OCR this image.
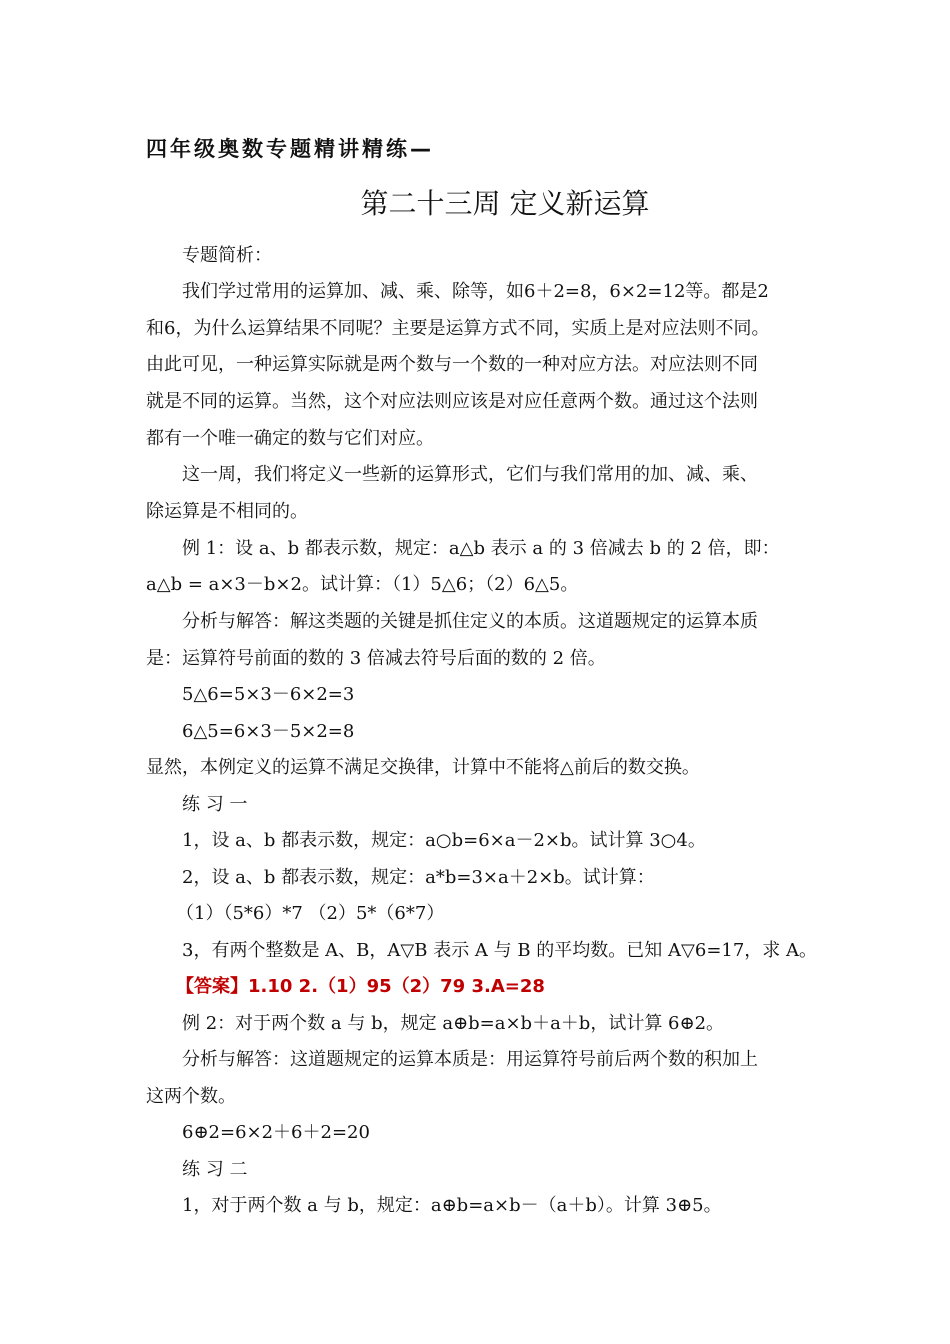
四年级奥数专题精讲精练—
第二十三周 定义新运算
专题简析：
我们学过常用的运算加、减、乘、除等，如6＋2=8，6×2=12等。都是2
和6，为什么运算结果不同呢？主要是运算方式不同，实质上是对应法则不同。
由此可见，一种运算实际就是两个数与一个数的一种对应方法。对应法则不同
就是不同的运算。当然，这个对应法则应该是对应任意两个数。通过这个法则
都有一个唯一确定的数与它们对应。
这一周，我们将定义一些新的运算形式，它们与我们常用的加、减、乘、
除运算是不相同的。
例 1：设 a、b 都表示数，规定：a△b 表示 a 的 3 倍减去 b 的 2 倍，即：
a△b = a×3－b×2。试计算：（1）5△6；（2）6△5。
分析与解答：解这类题的关键是抓住定义的本质。这道题规定的运算本质
是：运算符号前面的数的 3 倍减去符号后面的数的 2 倍。
5△6=5×3－6×2=3
6△5=6×3－5×2=8
显然，本例定义的运算不满足交换律，计算中不能将△前后的数交换。
练 习 一
1，设 a、b 都表示数，规定：a○b=6×a－2×b。试计算 3○4。
2，设 a、b 都表示数，规定：a*b=3×a＋2×b。试计算：
（1）（5*6）*7 （2）5*（6*7）
3，有两个整数是 A、B，A▽B 表示 A 与 B 的平均数。已知 A▽6=17，求 A。
【答案】1.10 2.（1）95（2）79 3.A=28
例 2：对于两个数 a 与 b，规定 a⊕b=a×b＋a＋b，试计算 6⊕2。
分析与解答：这道题规定的运算本质是：用运算符号前后两个数的积加上
这两个数。
6⊕2=6×2＋6＋2=20
练 习 二
1，对于两个数 a 与 b，规定：a⊕b=a×b－（a＋b）。计算 3⊕5。
